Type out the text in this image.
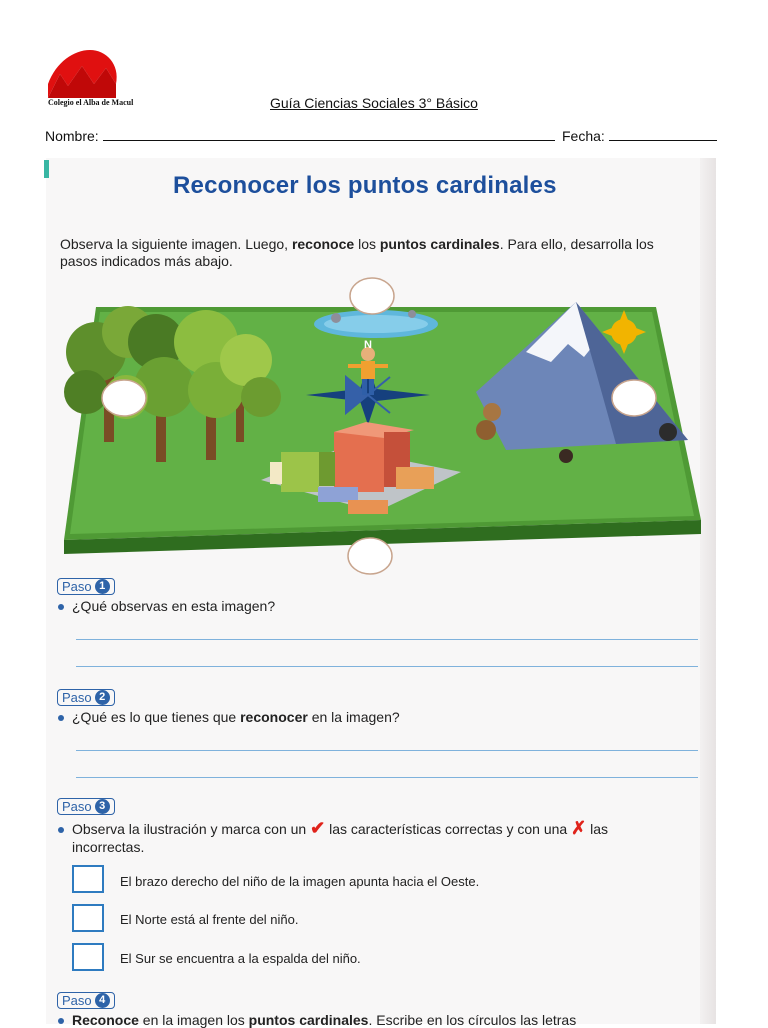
Colegio el Alba de Macul	Guía Ciencias Sociales 3° Básico
Nombre:	Fecha:
Reconocer los puntos cardinales
Observa la siguiente imagen. Luego, reconoce los puntos cardinales. Para ello, desarrolla los pasos indicados más abajo.
N
Paso 1
¿Qué observas en esta imagen?
Paso 2
¿Qué es lo que tienes que reconocer en la imagen?
Paso 3
Observa la ilustración y marca con un ✔ las características correctas y con una ✗ las
incorrectas.
El brazo derecho del niño de la imagen apunta hacia el Oeste.
El Norte está al frente del niño.
El Sur se encuentra a la espalda del niño.
Paso 4
Reconoce en la imagen los puntos cardinales. Escribe en los círculos las letras
